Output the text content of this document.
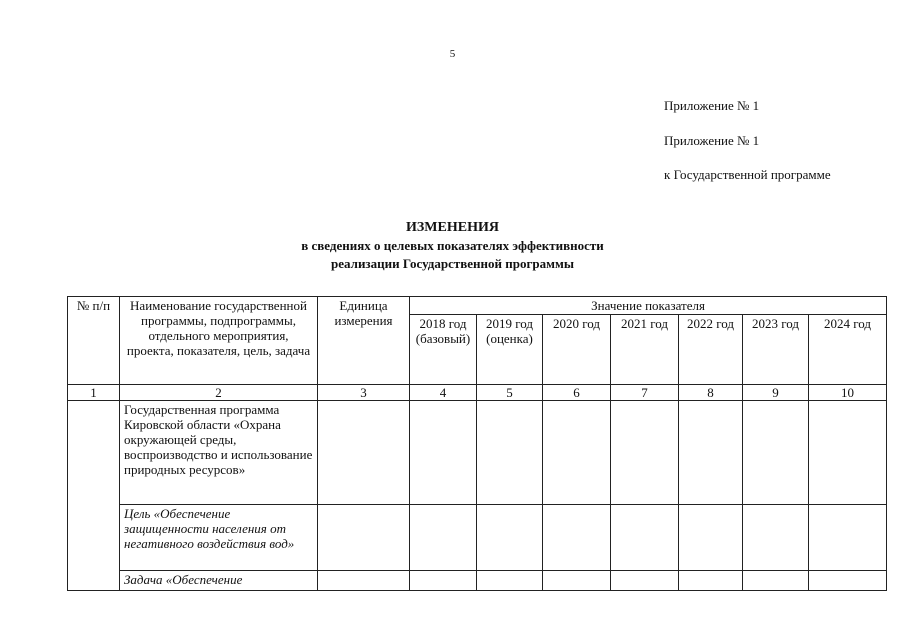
5
Приложение № 1
Приложение № 1
к Государственной программе
ИЗМЕНЕНИЯ
в сведениях о целевых показателях эффективности
реализации Государственной программы
№ п/п	Наименование государственной программы, подпрограммы, отдельного мероприятия, проекта, показателя, цель, задача	Единица измерения	Значение показателя						
			2018 год (базовый)	2019 год (оценка)	2020 год	2021 год	2022 год	2023 год	2024 год
1	2	3	4	5	6	7	8	9	10
	Государственная программа Кировской области «Охрана окружающей среды, воспроизводство и использование природных ресурсов»								
	Цель «Обеспечение защищенности населения от негативного воздействия вод»								
	Задача «Обеспечение								
